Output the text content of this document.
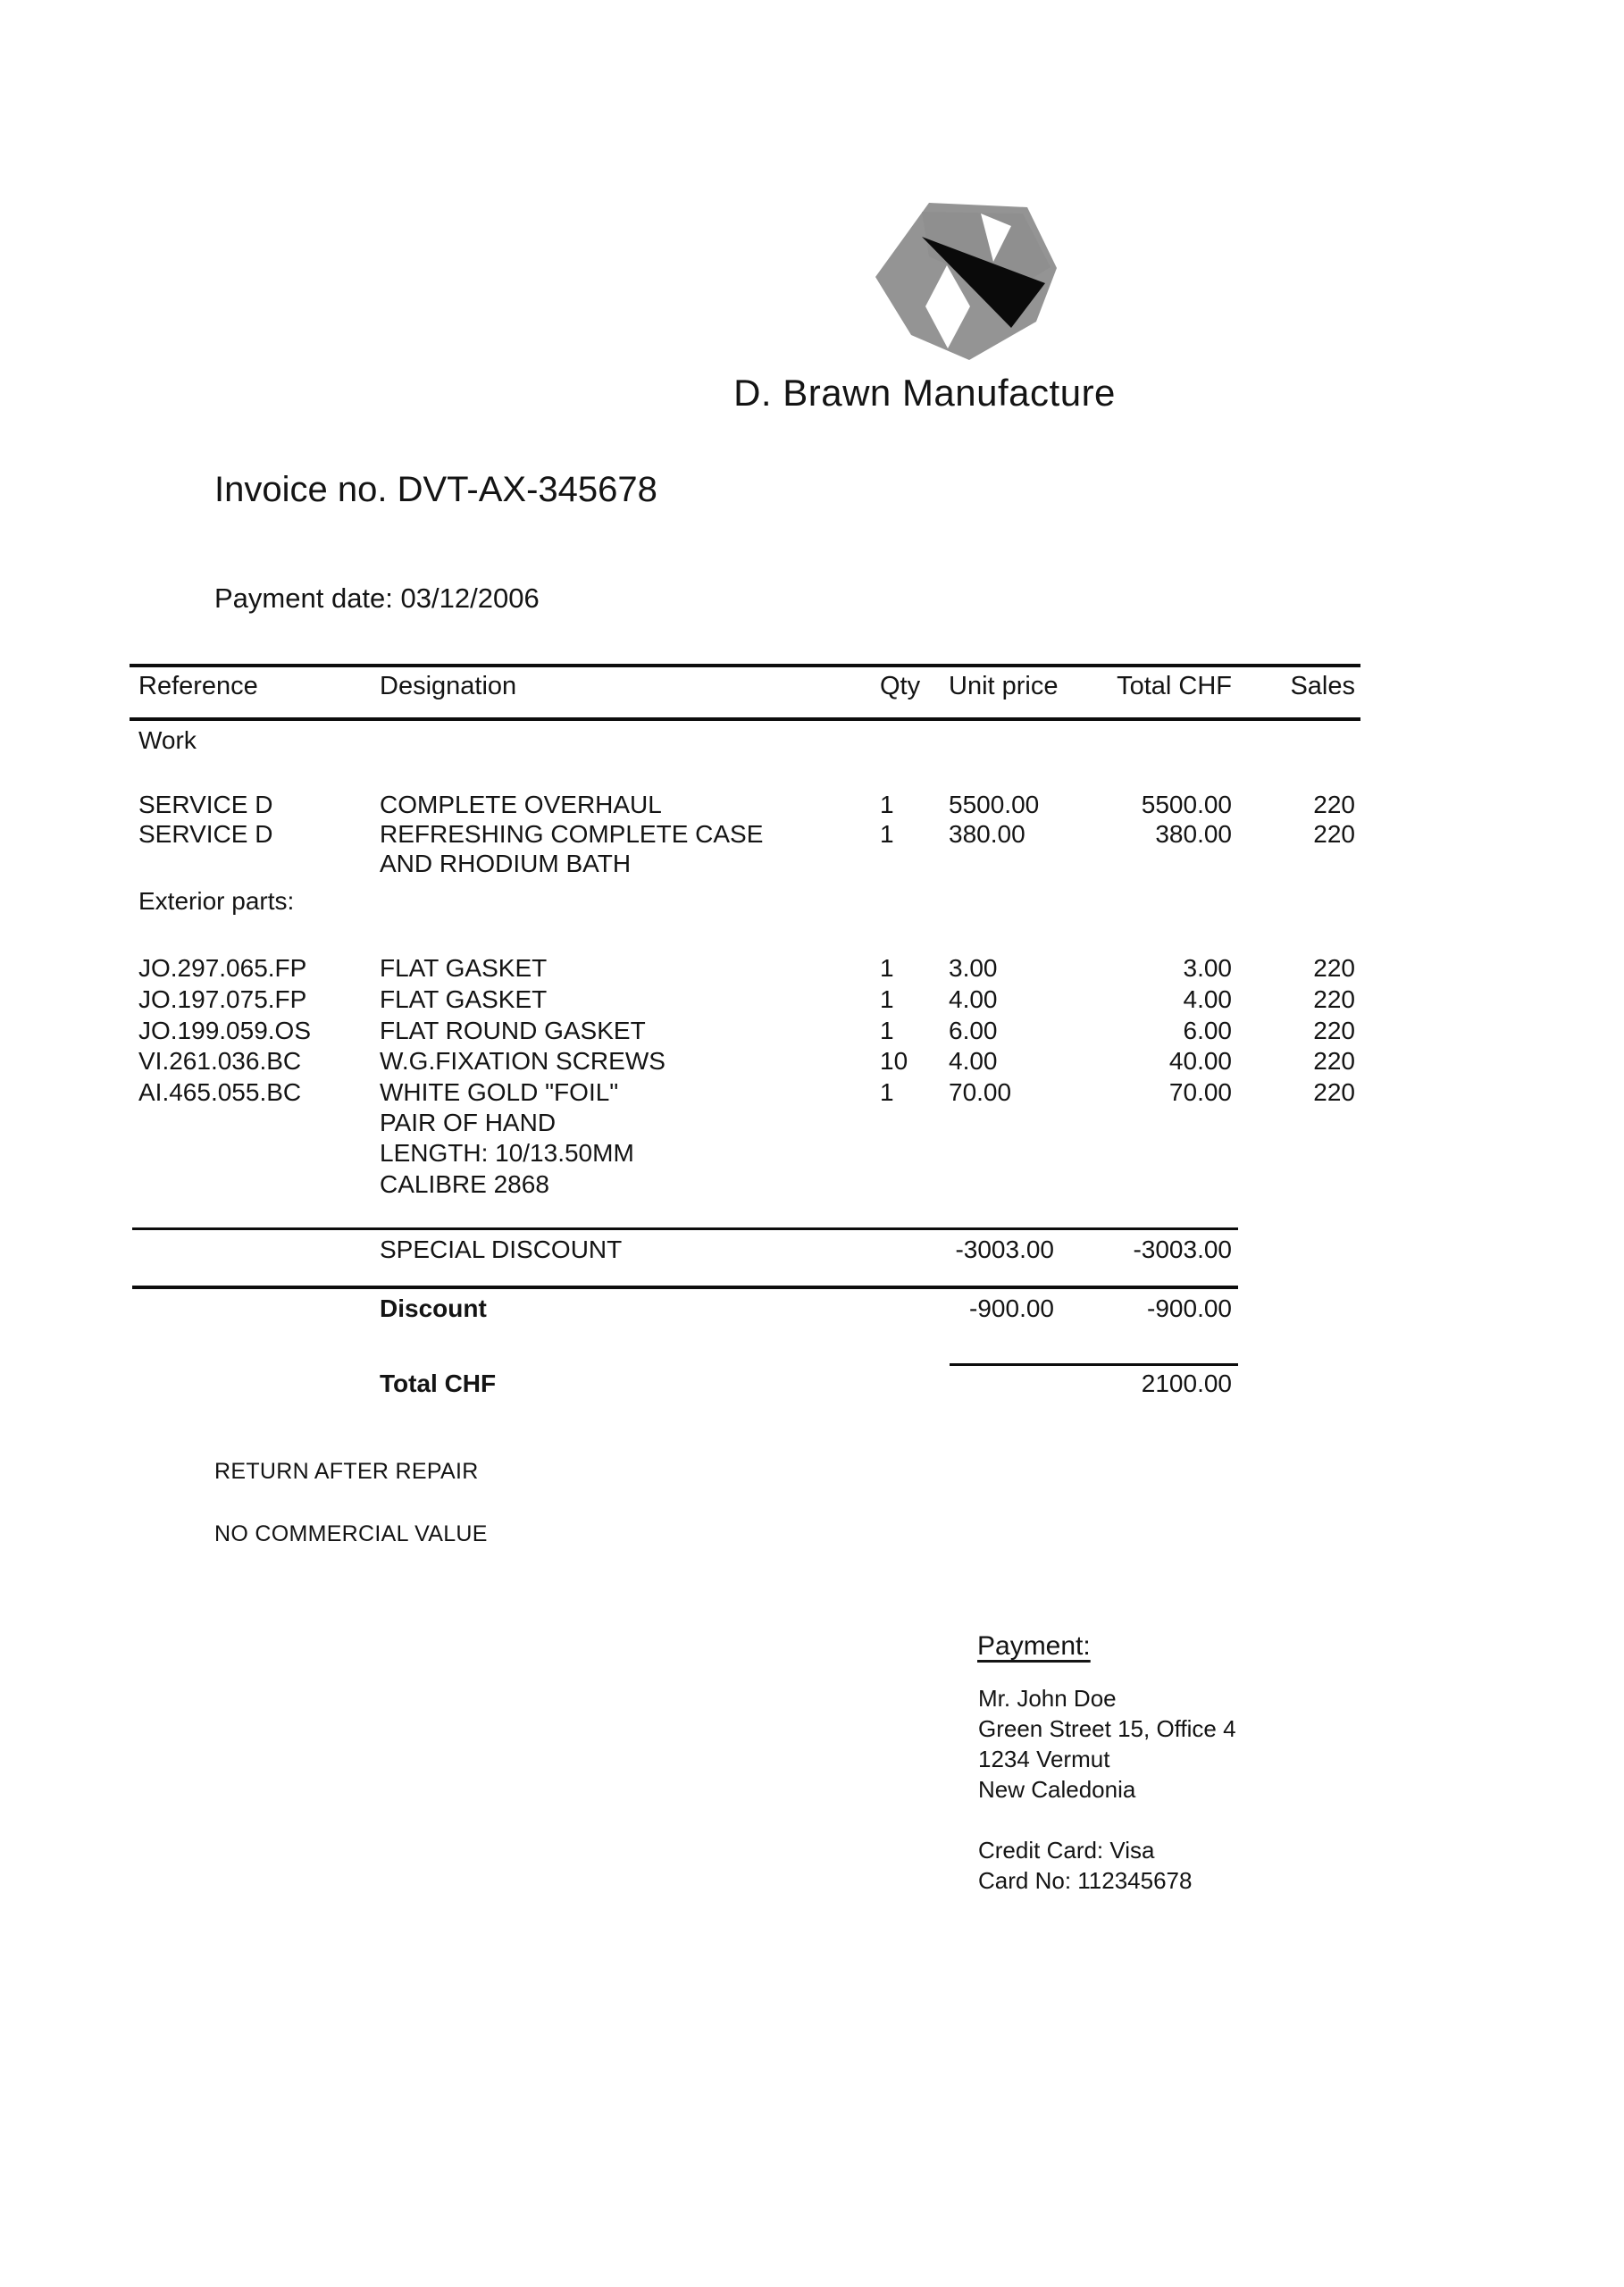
D. Brawn Manufacture
Invoice no. DVT-AX-345678
Payment date: 03/12/2006
Reference	Designation	Qty Unit price	Total CHF	Sales
Work
SERVICE D	COMPLETE OVERHAUL	1 5500.00	5500.00	220
SERVICE D	REFRESHING COMPLETE CASE	1 380.00	380.00	220
AND RHODIUM BATH
Exterior parts:
JO.297.065.FP	FLAT GASKET	1 3.00	3.00	220
JO.197.075.FP	FLAT GASKET	1 4.00	4.00	220
JO.199.059.OS	FLAT ROUND GASKET	1 6.00	6.00	220
VI.261.036.BC	W.G.FIXATION SCREWS	10 4.00	40.00	220
AI.465.055.BC	WHITE GOLD "FOIL"	1 70.00	70.00	220
PAIR OF HAND
LENGTH: 10/13.50MM
CALIBRE 2868
SPECIAL DISCOUNT	-3003.00	-3003.00
Discount	-900.00	-900.00
Total CHF	2100.00
RETURN AFTER REPAIR
NO COMMERCIAL VALUE
Payment:
Mr. John Doe
Green Street 15, Office 4
1234 Vermut
New Caledonia
Credit Card: Visa
Card No: 112345678
